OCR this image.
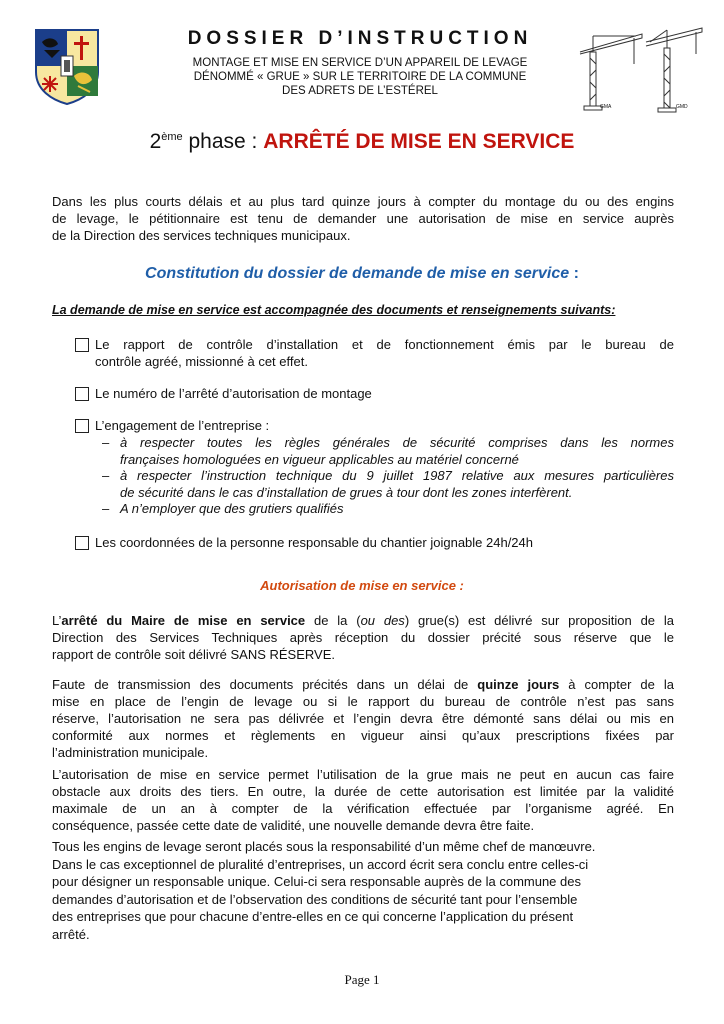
GMA	GMD
DOSSIER D’INSTRUCTION
MONTAGE ET MISE EN SERVICE D’UN APPAREIL DE LEVAGE
DÉNOMMÉ « GRUE » SUR LE TERRITOIRE DE LA COMMUNE
DES ADRETS DE L’ESTÉREL
2ème phase : ARRÊTÉ DE MISE EN SERVICE
Dans les plus courts délais et au plus tard quinze jours à compter du montage du ou des engins
de levage, le pétitionnaire est tenu de demander une autorisation de mise en service auprès
de la Direction des services techniques municipaux.
Constitution du dossier de demande de mise en service :
La demande de mise en service est accompagnée des documents et renseignements suivants:
Le rapport de contrôle d’installation et de fonctionnement émis par le bureau de
contrôle agréé, missionné à cet effet.
Le numéro de l’arrêté d’autorisation de montage
L’engagement de l’entreprise :
– à respecter toutes les règles générales de sécurité comprises dans les normes
françaises homologuées en vigueur applicables au matériel concerné
– à respecter l’instruction technique du 9 juillet 1987 relative aux mesures particulières
de sécurité dans le cas d’installation de grues à tour dont les zones interfèrent.
– A n’employer que des grutiers qualifiés
Les coordonnées de la personne responsable du chantier joignable 24h/24h
Autorisation de mise en service :
L’arrêté du Maire de mise en service de la (ou des) grue(s) est délivré sur proposition de la
Direction des Services Techniques après réception du dossier précité sous réserve que le
rapport de contrôle soit délivré SANS RÉSERVE.
Faute de transmission des documents précités dans un délai de quinze jours à compter de la
mise en place de l’engin de levage ou si le rapport du bureau de contrôle n’est pas sans
réserve, l’autorisation ne sera pas délivrée et l’engin devra être démonté sans délai ou mis en
conformité aux normes et règlements en vigueur ainsi qu’aux prescriptions fixées par
l’administration municipale.
L’autorisation de mise en service permet l’utilisation de la grue mais ne peut en aucun cas faire
obstacle aux droits des tiers. En outre, la durée de cette autorisation est limitée par la validité
maximale de un an à compter de la vérification effectuée par l’organisme agréé. En
conséquence, passée cette date de validité, une nouvelle demande devra être faite.
Tous les engins de levage seront placés sous la responsabilité d’un même chef de manœuvre.
Dans le cas exceptionnel de pluralité d’entreprises, un accord écrit sera conclu entre celles-ci
pour désigner un responsable unique. Celui-ci sera responsable auprès de la commune des
demandes d’autorisation et de l’observation des conditions de sécurité tant pour l’ensemble
des entreprises que pour chacune d’entre-elles en ce qui concerne l’application du présent
arrêté.
Page 1
